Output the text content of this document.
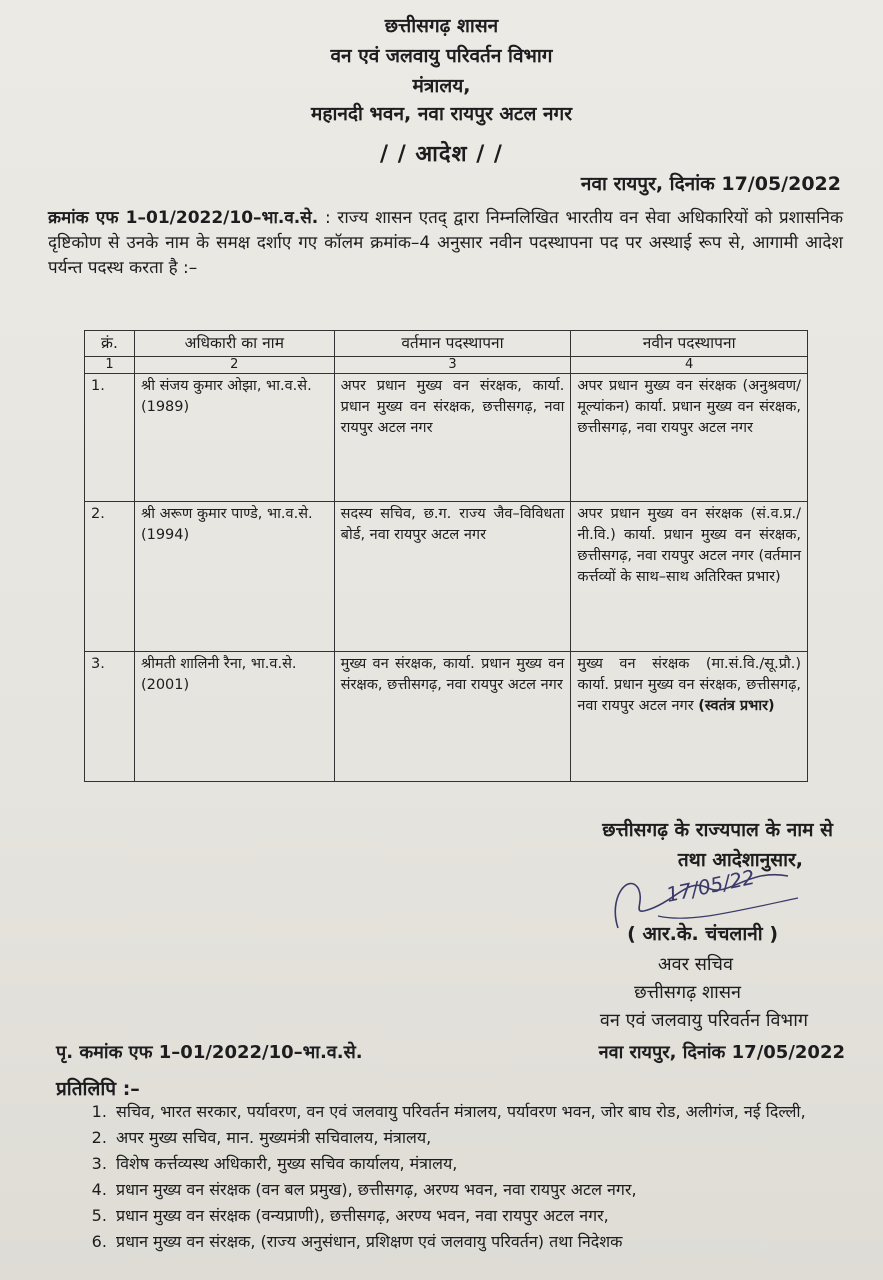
छत्तीसगढ़ शासन
वन एवं जलवायु परिवर्तन विभाग
मंत्रालय,
महानदी भवन, नवा रायपुर अटल नगर
/ / आदेश / /
नवा रायपुर, दिनांक 17/05/2022
क्रमांक एफ 1–01/2022/10–भा.व.से. : राज्य शासन एतद् द्वारा निम्नलिखित भारतीय वन सेवा अधिकारियों को प्रशासनिक दृष्टिकोण से उनके नाम के समक्ष दर्शाए गए कॉलम क्रमांक–4 अनुसार नवीन पदस्थापना पद पर अस्थाई रूप से, आगामी आदेश पर्यन्त पदस्थ करता है :–
क्रं.	अधिकारी का नाम	वर्तमान पदस्थापना	नवीन पदस्थापना
1	2	3	4
1.	श्री संजय कुमार ओझा, भा.व.से. (1989)	अपर प्रधान मुख्य वन संरक्षक, कार्या. प्रधान मुख्य वन संरक्षक, छत्तीसगढ़, नवा रायपुर अटल नगर	अपर प्रधान मुख्य वन संरक्षक (अनुश्रवण/मूल्यांकन) कार्या. प्रधान मुख्य वन संरक्षक, छत्तीसगढ़, नवा रायपुर अटल नगर
2.	श्री अरूण कुमार पाण्डे, भा.व.से. (1994)	सदस्य सचिव, छ.ग. राज्य जैव–विविधता बोर्ड, नवा रायपुर अटल नगर	अपर प्रधान मुख्य वन संरक्षक (सं.व.प्र./नी.वि.) कार्या. प्रधान मुख्य वन संरक्षक, छत्तीसगढ़, नवा रायपुर अटल नगर (वर्तमान कर्त्तव्यों के साथ–साथ अतिरिक्त प्रभार)
3.	श्रीमती शालिनी रैना, भा.व.से. (2001)	मुख्य वन संरक्षक, कार्या. प्रधान मुख्य वन संरक्षक, छत्तीसगढ़, नवा रायपुर अटल नगर	मुख्य वन संरक्षक (मा.सं.वि./सू.प्रौ.) कार्या. प्रधान मुख्य वन संरक्षक, छत्तीसगढ़, नवा रायपुर अटल नगर (स्वतंत्र प्रभार)
छत्तीसगढ़ के राज्यपाल के नाम से
तथा आदेशानुसार,
17/05/22
( आर.के. चंचलानी )
अवर सचिव
छत्तीसगढ़ शासन
वन एवं जलवायु परिवर्तन विभाग
पृ. कमांक एफ 1–01/2022/10–भा.व.से.	नवा रायपुर, दिनांक 17/05/2022
प्रतिलिपि :–
1. सचिव, भारत सरकार, पर्यावरण, वन एवं जलवायु परिवर्तन मंत्रालय, पर्यावरण भवन, जोर बाघ रोड, अलीगंज, नई दिल्ली,
2. अपर मुख्य सचिव, मान. मुख्यमंत्री सचिवालय, मंत्रालय,
3. विशेष कर्त्तव्यस्थ अधिकारी, मुख्य सचिव कार्यालय, मंत्रालय,
4. प्रधान मुख्य वन संरक्षक (वन बल प्रमुख), छत्तीसगढ़, अरण्य भवन, नवा रायपुर अटल नगर,
5. प्रधान मुख्य वन संरक्षक (वन्यप्राणी), छत्तीसगढ़, अरण्य भवन, नवा रायपुर अटल नगर,
6. प्रधान मुख्य वन संरक्षक, (राज्य अनुसंधान, प्रशिक्षण एवं जलवायु परिवर्तन) तथा निदेशक
